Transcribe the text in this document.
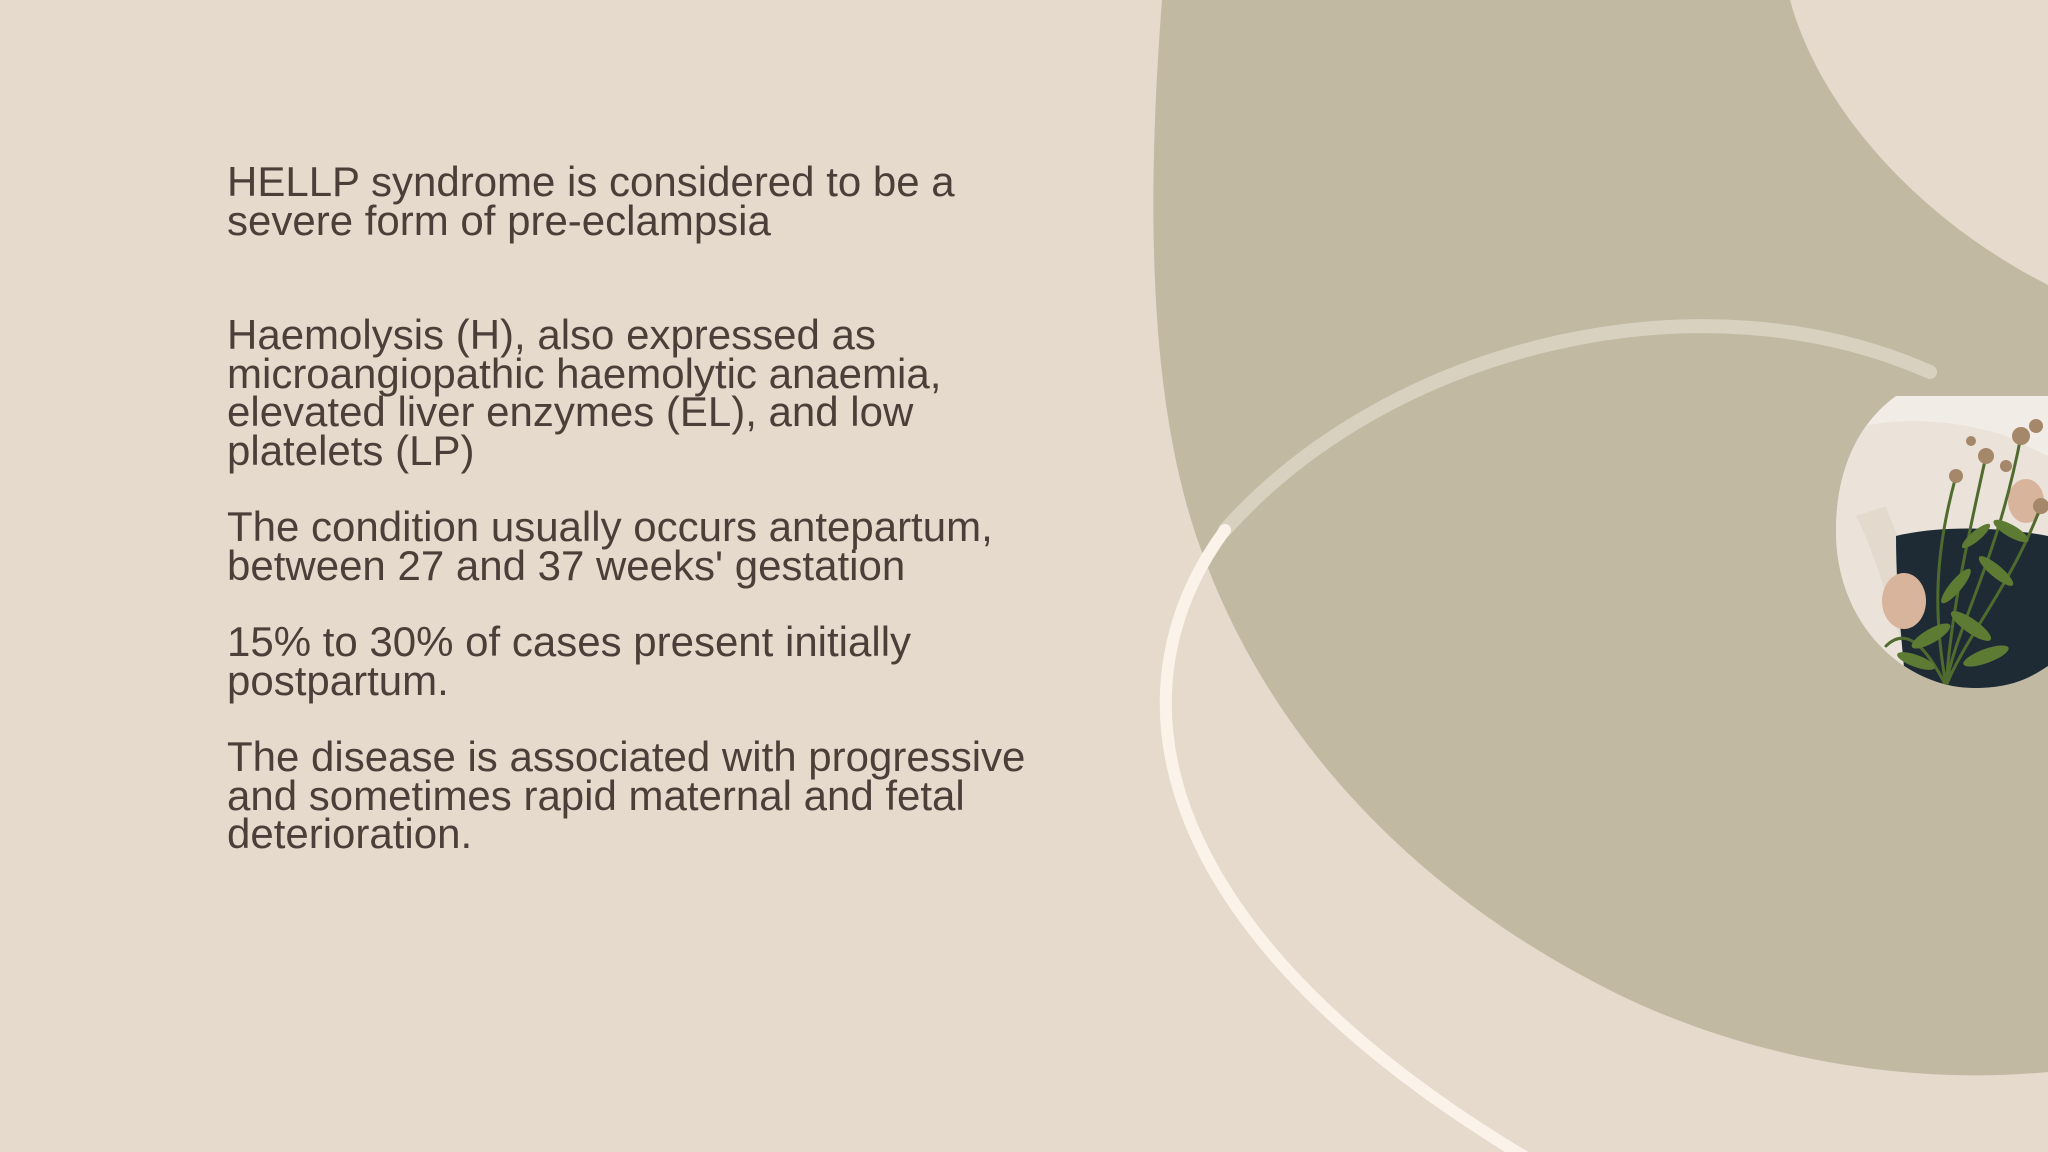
HELLP syndrome is considered to be a severe form of pre-eclampsia

Haemolysis (H), also expressed as microangiopathic haemolytic anaemia, elevated liver enzymes (EL), and low platelets (LP)

The condition usually occurs antepartum, between 27 and 37 weeks' gestation

15% to 30% of cases present initially postpartum.

The disease is associated with progressive and sometimes rapid maternal and fetal deterioration.
